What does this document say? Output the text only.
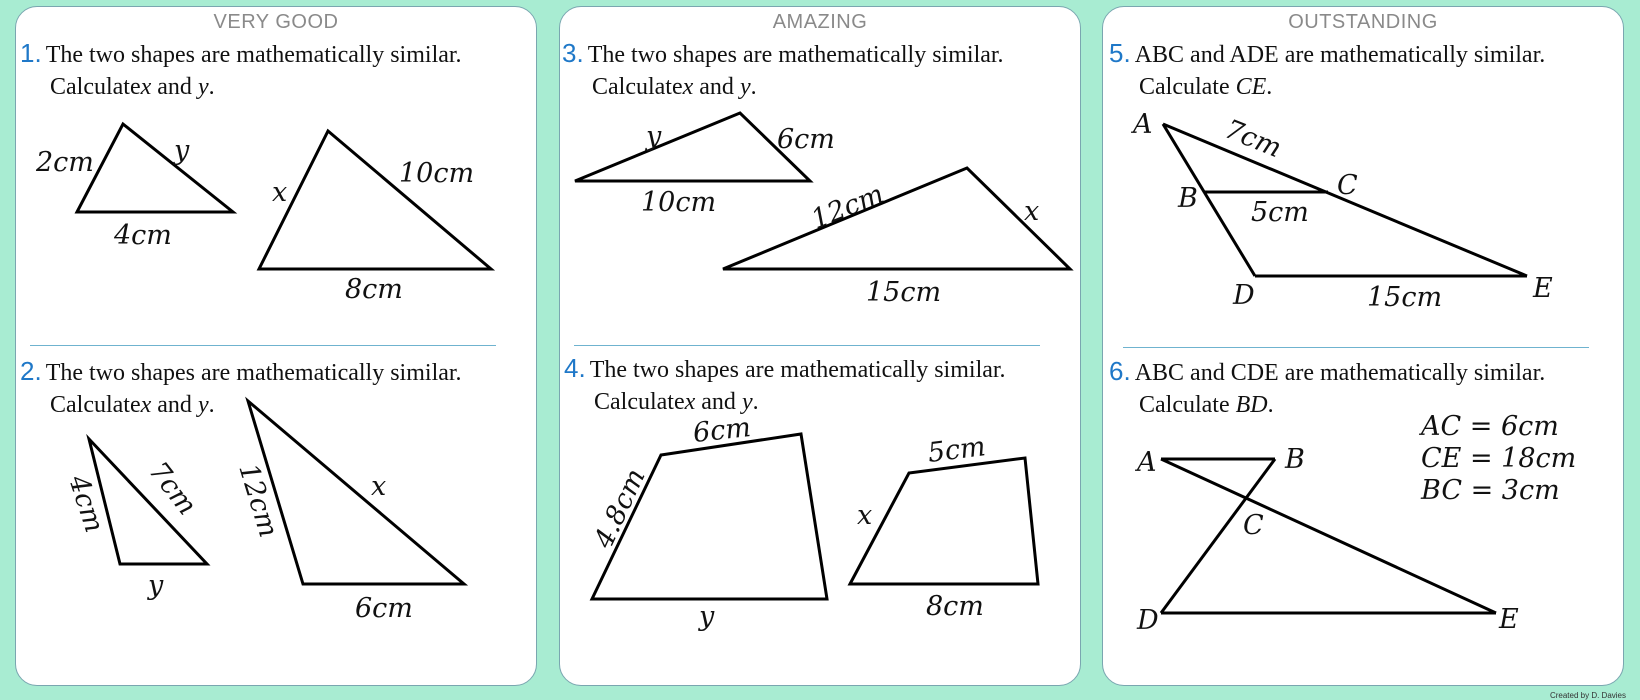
VERY GOOD
1. The two shapes are mathematically similar.
Calculatex and y.
2cm	y
4cm
x
10cm
8cm
2. The two shapes are mathematically similar.
Calculatex and y.
4cm 7cm
y
12cm	x
6cm
AMAZING
3. The two shapes are mathematically similar.
Calculatex and y.
y	6cm
10cm	12cm	x
15cm
4. The two shapes are mathematically similar.
Calculatex and y.
6cm
4.8cm
y
5cm
x
8cm
OUTSTANDING
5. ABC and ADE are mathematically similar.
Calculate CE.
A
B	C
D	E
7cm
5cm
15cm
6. ABC and CDE are mathematically similar.
Calculate BD.
A	B
C
D	E
AC = 6cm
CE = 18cm
BC = 3cm
Created by D. Davies
